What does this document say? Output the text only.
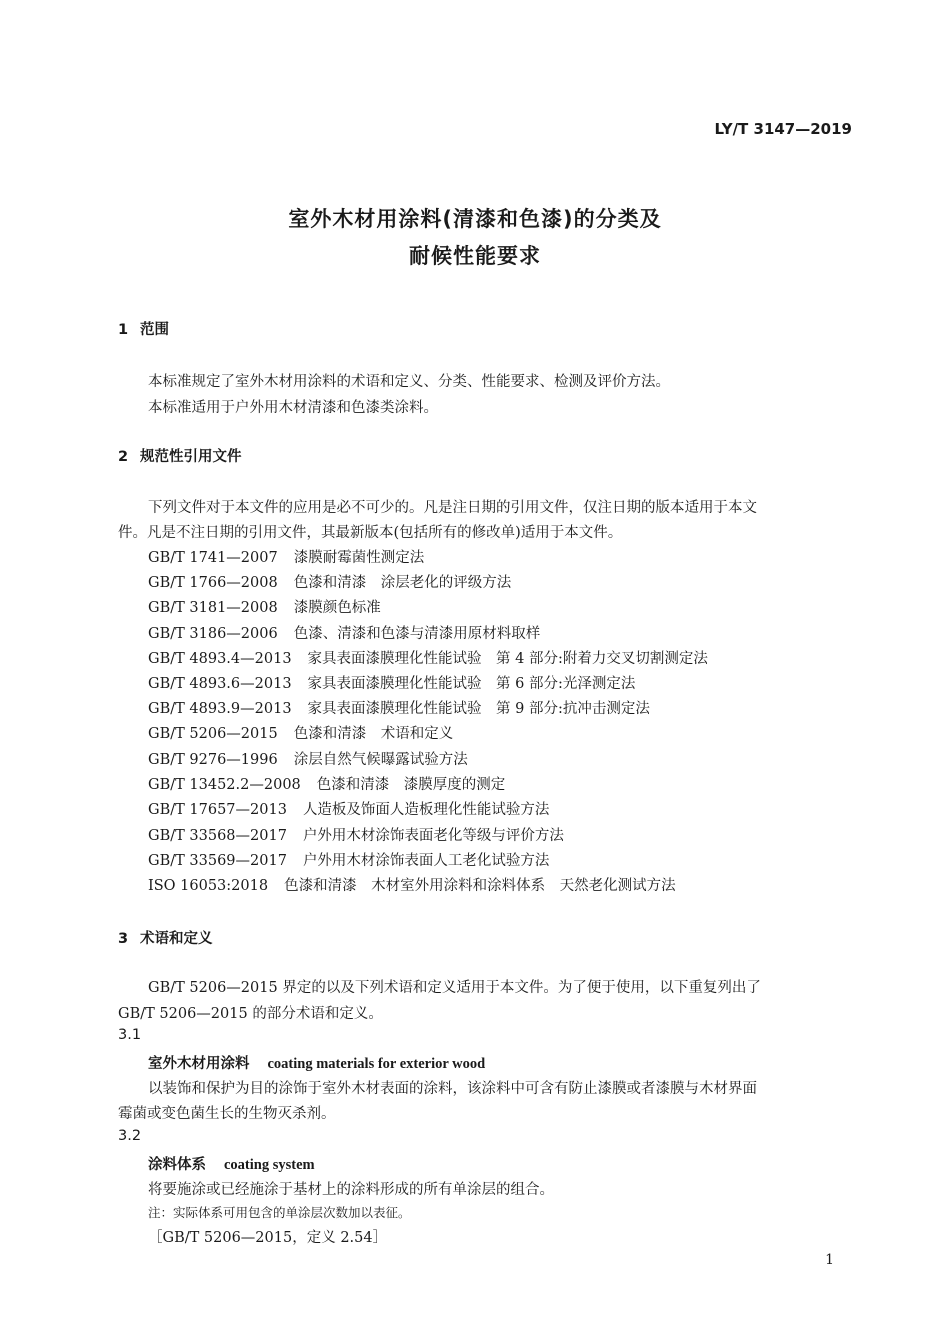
LY/T 3147—2019
室外木材用涂料(清漆和色漆)的分类及
耐候性能要求
1 范围
本标准规定了室外木材用涂料的术语和定义、分类、性能要求、检测及评价方法。
本标准适用于户外用木材清漆和色漆类涂料。
2 规范性引用文件
下列文件对于本文件的应用是必不可少的。凡是注日期的引用文件，仅注日期的版本适用于本文
件。凡是不注日期的引用文件，其最新版本(包括所有的修改单)适用于本文件。
GB/T 1741—2007 漆膜耐霉菌性测定法
GB/T 1766—2008 色漆和清漆　涂层老化的评级方法
GB/T 3181—2008 漆膜颜色标准
GB/T 3186—2006 色漆、清漆和色漆与清漆用原材料取样
GB/T 4893.4—2013 家具表面漆膜理化性能试验　第 4 部分:附着力交叉切割测定法
GB/T 4893.6—2013 家具表面漆膜理化性能试验　第 6 部分:光泽测定法
GB/T 4893.9—2013 家具表面漆膜理化性能试验　第 9 部分:抗冲击测定法
GB/T 5206—2015 色漆和清漆　术语和定义
GB/T 9276—1996 涂层自然气候曝露试验方法
GB/T 13452.2—2008 色漆和清漆　漆膜厚度的测定
GB/T 17657—2013 人造板及饰面人造板理化性能试验方法
GB/T 33568—2017 户外用木材涂饰表面老化等级与评价方法
GB/T 33569—2017 户外用木材涂饰表面人工老化试验方法
ISO 16053:2018 色漆和清漆　木材室外用涂料和涂料体系　天然老化测试方法
3 术语和定义
GB/T 5206—2015 界定的以及下列术语和定义适用于本文件。为了便于使用，以下重复列出了
GB/T 5206—2015 的部分术语和定义。
3.1
室外木材用涂料 coating materials for exterior wood
以装饰和保护为目的涂饰于室外木材表面的涂料，该涂料中可含有防止漆膜或者漆膜与木材界面
霉菌或变色菌生长的生物灭杀剂。
3.2
涂料体系 coating system
将要施涂或已经施涂于基材上的涂料形成的所有单涂层的组合。
注：实际体系可用包含的单涂层次数加以表征。
［GB/T 5206—2015，定义 2.54］
1
